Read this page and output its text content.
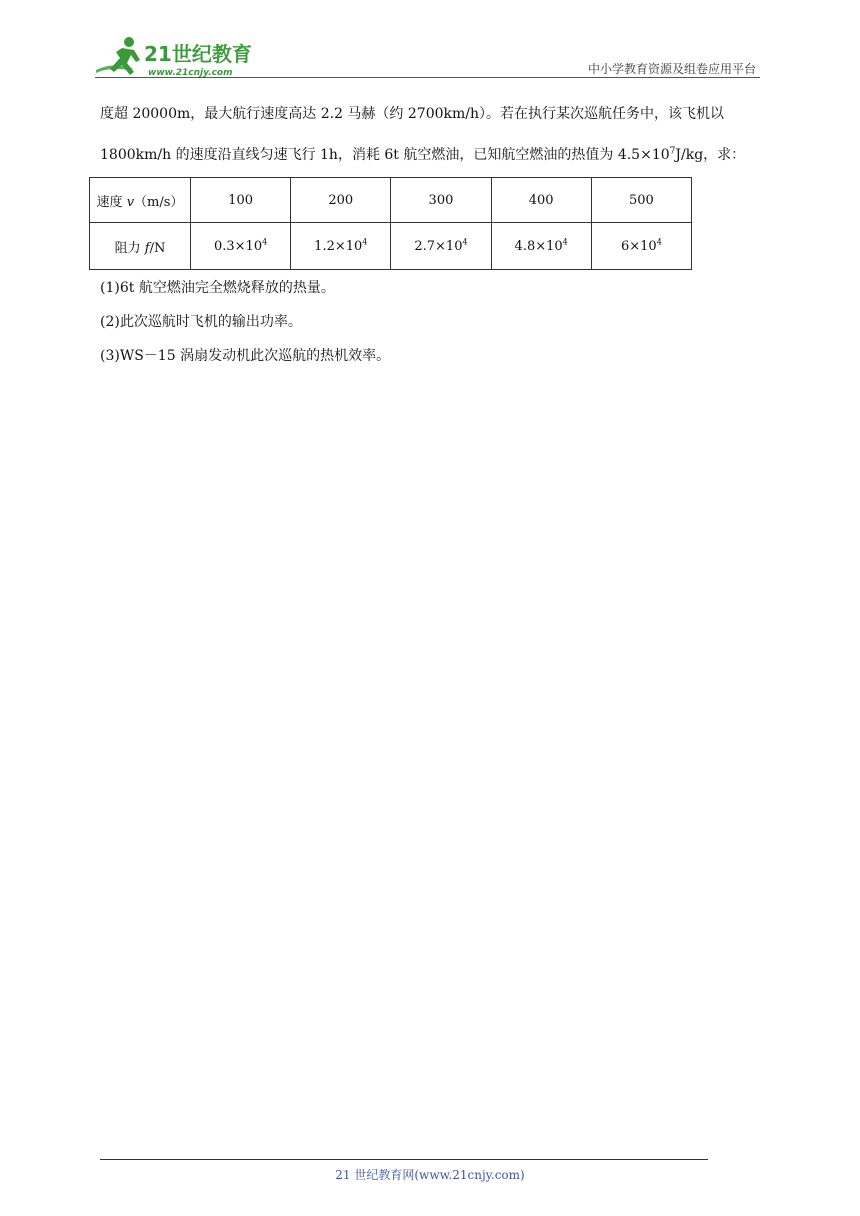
21世纪教育
www.21cnjy.com	中小学教育资源及组卷应用平台
度超 20000m，最大航行速度高达 2.2 马赫（约 2700km/h）。若在执行某次巡航任务中，该飞机以
1800km/h 的速度沿直线匀速飞行 1h，消耗 6t 航空燃油，已知航空燃油的热值为 $4.5\times 10^7J/kg$，求：
速度 v（m/s）	100	200	300	400	500
阻力 f/N	$0.3\times 10^4$	$1.2\times 10^4$	$2.7\times 10^4$	$4.8\times 10^4$	$6\times 10^4$
(1)6t 航空燃油完全燃烧释放的热量。
(2)此次巡航时飞机的输出功率。
(3)WS－15 涡扇发动机此次巡航的热机效率。
21 世纪教育网(www.21cnjy.com)
